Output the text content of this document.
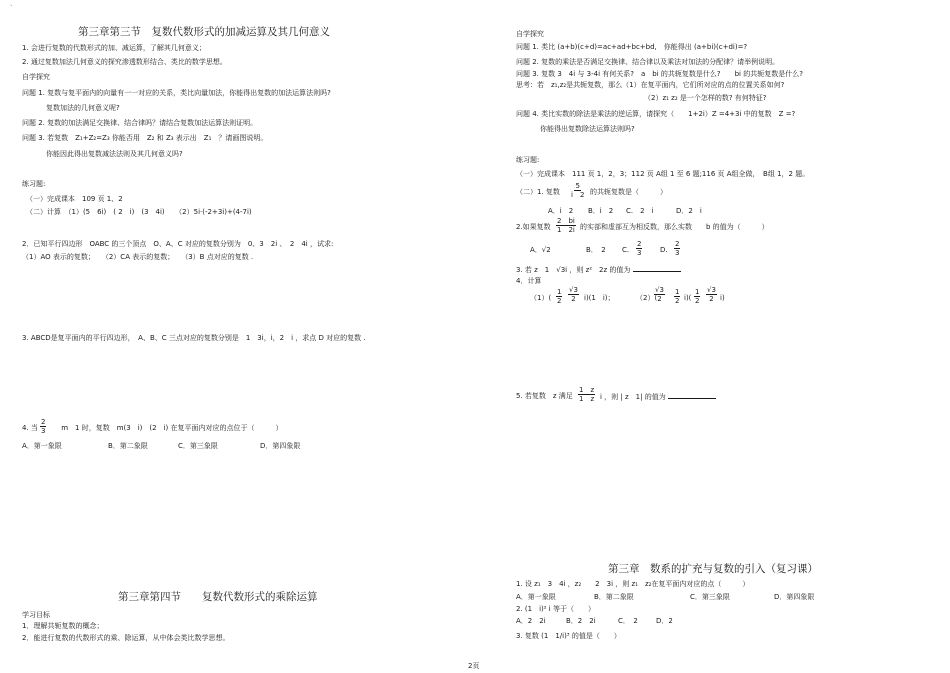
`
第三章第三节　复数代数形式的加减运算及其几何意义
1. 会进行复数的代数形式的加、减运算，了解其几何意义；
2. 通过复数加法几何意义的探究渗透数形结合、类比的数学思想。
自学探究
问题 1. 复数与复平面内的向量有一一对应的关系，类比向量加法，你能得出复数的加法运算法则吗?
复数加法的几何意义呢?
问题 2. 复数的加法满足交换律、结合律吗？请结合复数加法运算法则证明。
问题 3. 若复数　Z₁+Z₂=Z₃ 你能否用　Z₂ 和 Z₃ 表示出　Z₁　？请画图说明。
你能因此得出复数减法法则及其几何意义吗?
练习题:
（一）完成课本　109 页 1、2
（二）计算　（1）(5　6i)　( 2　i)　(3　4i)　　（2）5i·(-2+3i)+(4-7i)
2．已知平行四边形　OABC 的三个顶点　O、A、C 对应的复数分别为　0、3　2i 、　2　4i ，试求:
（1）AO 表示的复数；　　（2）CA 表示的复数；　　（3）B 点对应的复数 .
3. ABCD是复平面内的平行四边形，　A、B、C 三点对应的复数分别是　1　3i，i，2　i ，求点 D 对应的复数 .
4. 当 $\frac{2}{3}$ 　 m　1 时，复数　m(3　i)　(2　i) 在复平面内对应的点位于（　　　）
A．第一象限	B．第二象限	C．第三象限	D．第四象限
第三章第四节　　复数代数形式的乘除运算
学习目标
1．理解共轭复数的概念；
2．能进行复数的代数形式的乘、除运算，从中体会类比数学思想。
自学探究
问题 1. 类比 (a+b)(c+d)=ac+ad+bc+bd,　你能得出 (a+bi)(c+di)=?
问题 2. 复数的乘法是否满足交换律、结合律以及乘法对加法的分配律？请举例说明。
问题 3. 复数 3　4i 与 3-4i 有何关系?　a　bi 的共轭复数是什么?　　bi 的共轭复数是什么?
思考：若　z₁,z₂是共轭复数，那么（1）在复平面内，它们所对应的点的位置关系如何?
（2）z₁ z₂ 是一个怎样的数? 有何特征?
问题 4. 类比实数的除法是乘法的逆运算，请探究（　　1+2i）Z =4+3i 中的复数　Z =?
你能得出复数除法运算法则吗?
练习题:
（一）完成课本　111 页 1，2，3；112 页 A组 1 至 6 题;116 页 A组全做，　B组 1，2 题。
（二）1. 复数 $\frac{5}{i 2}$ 的共轭复数是（　　　）
A．i　2 B．i　2 C.　2　i	D．2　i
2.如果复数 $\frac{2 bi}{1 2i}$ 的实部和虚部互为相反数，那么实数　　b 的值为（　　　）
A．√2	B．　2 C. $\frac{2}{3}$	D. $\frac{2}{3}$
3. 若 z　1　√3i ，则 z²　2z 的值为
4．计算
$(1)( \frac{1}{2} \frac{√3}{2} i)(1$　i)；	（2）(
$\frac{√3}{2} \frac{1}{2} i)( \frac{1}{2} \frac{√3}{2} i)$
5. 若复数　z 满足 $\frac{1 z}{1 z}$ i ，则 | z　1| 的值为
第三章　数系的扩充与复数的引入（复习课）
1. 设 z₁　3　4i ，z₂　　2　3i ，则 z₁　z₂在复平面内对应的点（　　　）
A．第一象限	B．第二象限	C．第三象限	D．第四象限
2. (1　i)² i 等于（　　）
A．2　2i	B．2　2i	C．　2	D．2
3. 复数 (1　1/i)³ 的值是（　　）
2页
